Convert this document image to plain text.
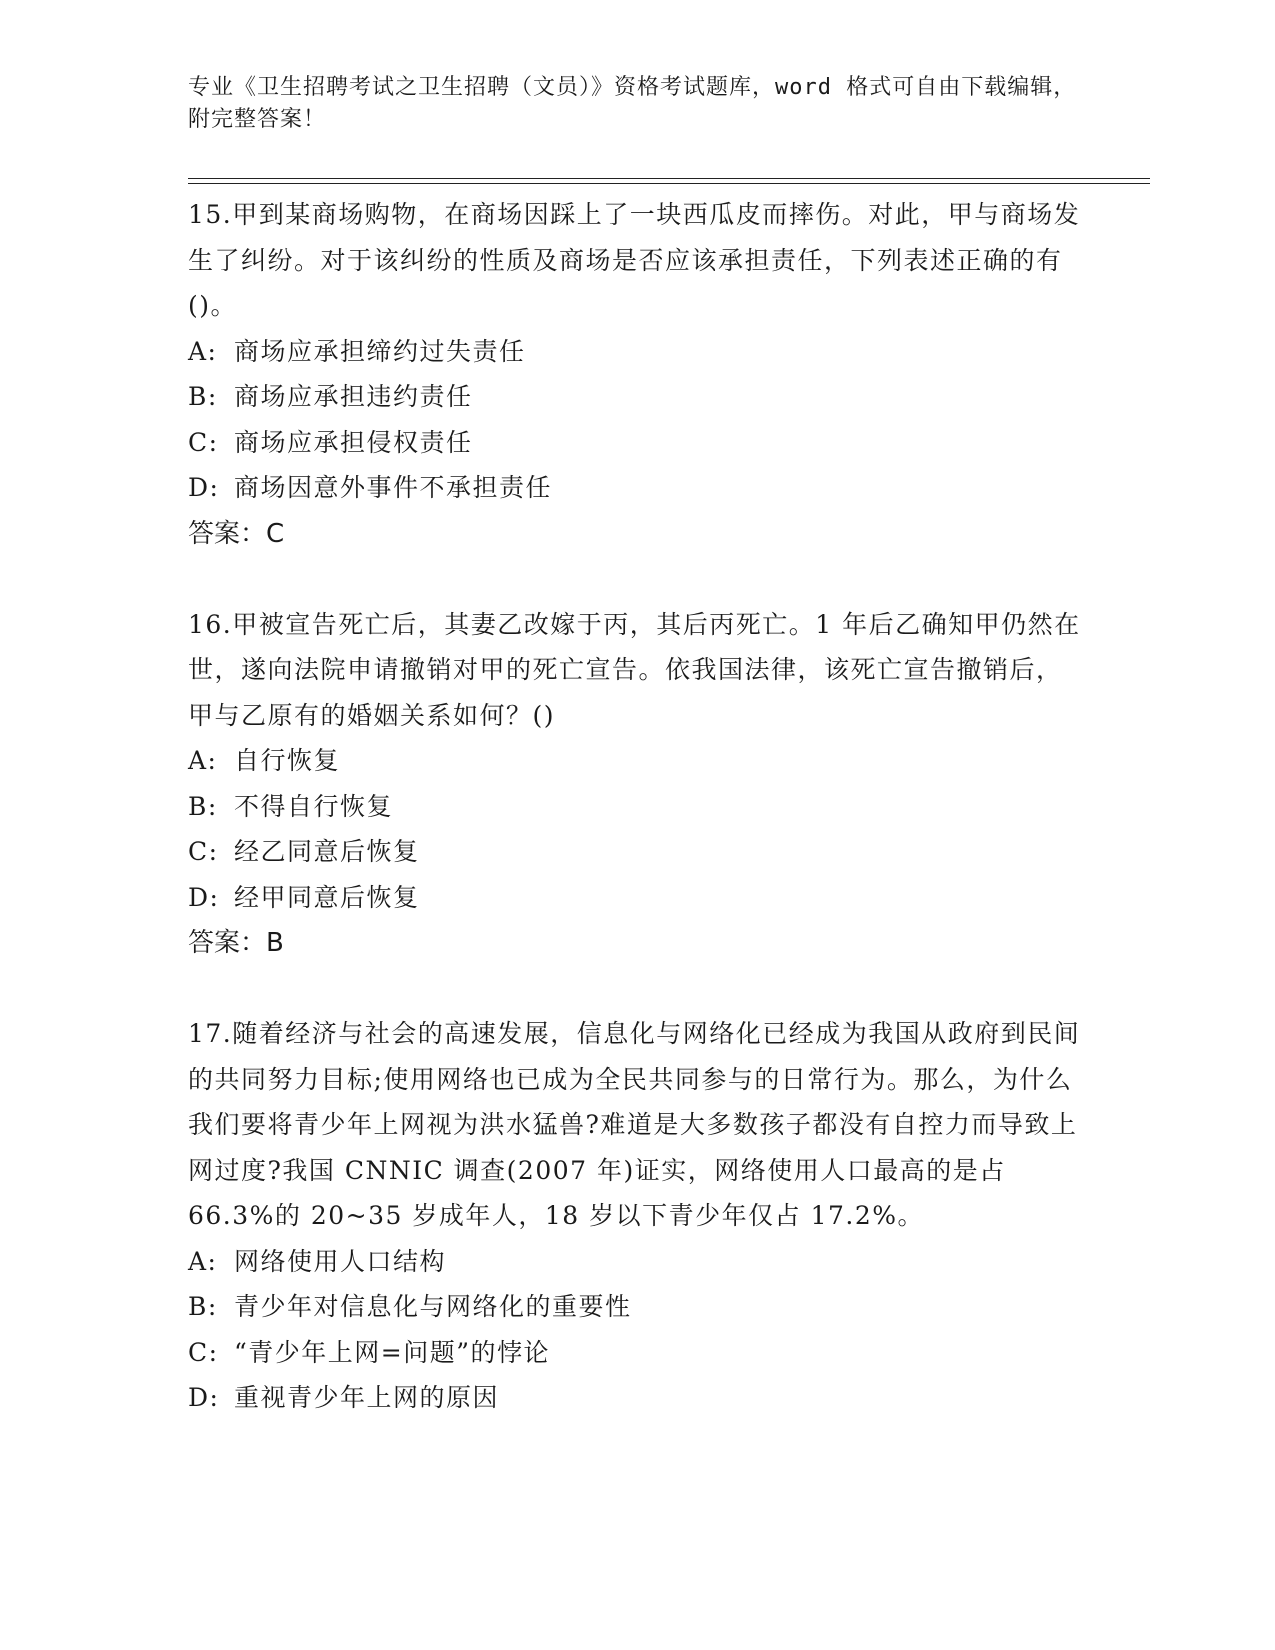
专业《卫生招聘考试之卫生招聘（文员）》资格考试题库，word 格式可自由下载编辑，附完整答案！

15.甲到某商场购物，在商场因踩上了一块西瓜皮而摔伤。对此，甲与商场发生了纠纷。对于该纠纷的性质及商场是否应该承担责任，下列表述正确的有()。

A: 商场应承担缔约过失责任

B: 商场应承担违约责任

C: 商场应承担侵权责任

D: 商场因意外事件不承担责任

答案：C

16.甲被宣告死亡后，其妻乙改嫁于丙，其后丙死亡。1 年后乙确知甲仍然在世，遂向法院申请撤销对甲的死亡宣告。依我国法律，该死亡宣告撤销后，甲与乙原有的婚姻关系如何？()

A: 自行恢复

B: 不得自行恢复

C: 经乙同意后恢复

D: 经甲同意后恢复

答案：B

17.随着经济与社会的高速发展，信息化与网络化已经成为我国从政府到民间的共同努力目标;使用网络也已成为全民共同参与的日常行为。那么，为什么我们要将青少年上网视为洪水猛兽?难道是大多数孩子都没有自控力而导致上网过度?我国 CNNIC 调查(2007 年)证实，网络使用人口最高的是占 66.3%的 20~35 岁成年人，18 岁以下青少年仅占 17.2%。

A: 网络使用人口结构

B: 青少年对信息化与网络化的重要性

C: “青少年上网=问题”的悖论

D: 重视青少年上网的原因
